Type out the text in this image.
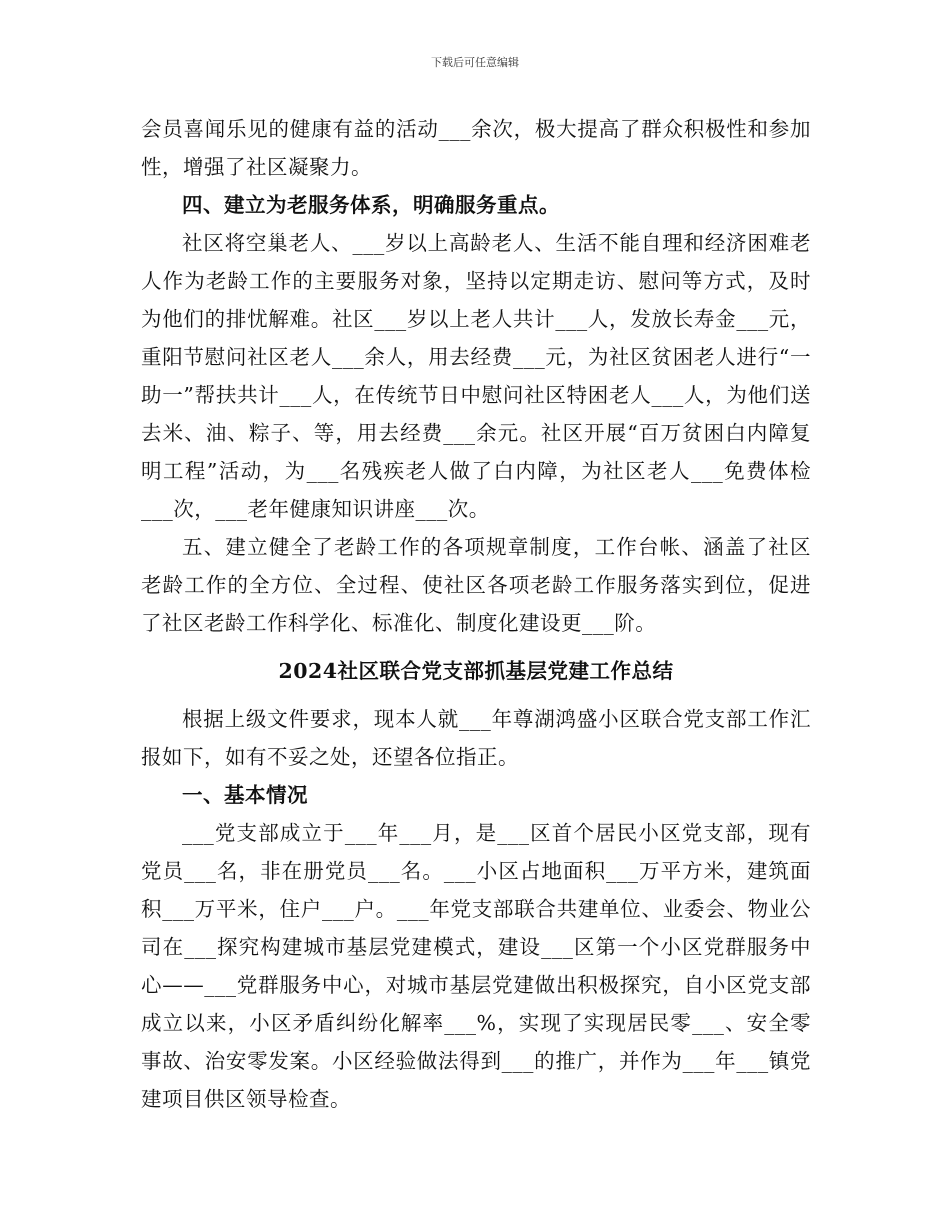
下载后可任意编辑

会员喜闻乐见的健康有益的活动___余次，极大提高了群众积极性和参加性，增强了社区凝聚力。

四、建立为老服务体系，明确服务重点。

社区将空巢老人、___岁以上高龄老人、生活不能自理和经济困难老人作为老龄工作的主要服务对象，坚持以定期走访、慰问等方式，及时为他们的排忧解难。社区___岁以上老人共计___人，发放长寿金___元，重阳节慰问社区老人___余人，用去经费___元，为社区贫困老人进行“一助一”帮扶共计___人，在传统节日中慰问社区特困老人___人，为他们送去米、油、粽子、等，用去经费___余元。社区开展“百万贫困白内障复明工程”活动，为___名残疾老人做了白内障，为社区老人___免费体检___次，___老年健康知识讲座___次。

五、建立健全了老龄工作的各项规章制度，工作台帐、涵盖了社区老龄工作的全方位、全过程、使社区各项老龄工作服务落实到位，促进了社区老龄工作科学化、标准化、制度化建设更___阶。

2024社区联合党支部抓基层党建工作总结

根据上级文件要求，现本人就___年尊湖鸿盛小区联合党支部工作汇报如下，如有不妥之处，还望各位指正。

一、基本情况

___党支部成立于___年___月，是___区首个居民小区党支部，现有党员___名，非在册党员___名。___小区占地面积___万平方米，建筑面积___万平米，住户___户。___年党支部联合共建单位、业委会、物业公司在___探究构建城市基层党建模式，建设___区第一个小区党群服务中心——___党群服务中心，对城市基层党建做出积极探究，自小区党支部成立以来，小区矛盾纠纷化解率___%，实现了实现居民零___、安全零事故、治安零发案。小区经验做法得到___的推广，并作为___年___镇党建项目供区领导检查。
